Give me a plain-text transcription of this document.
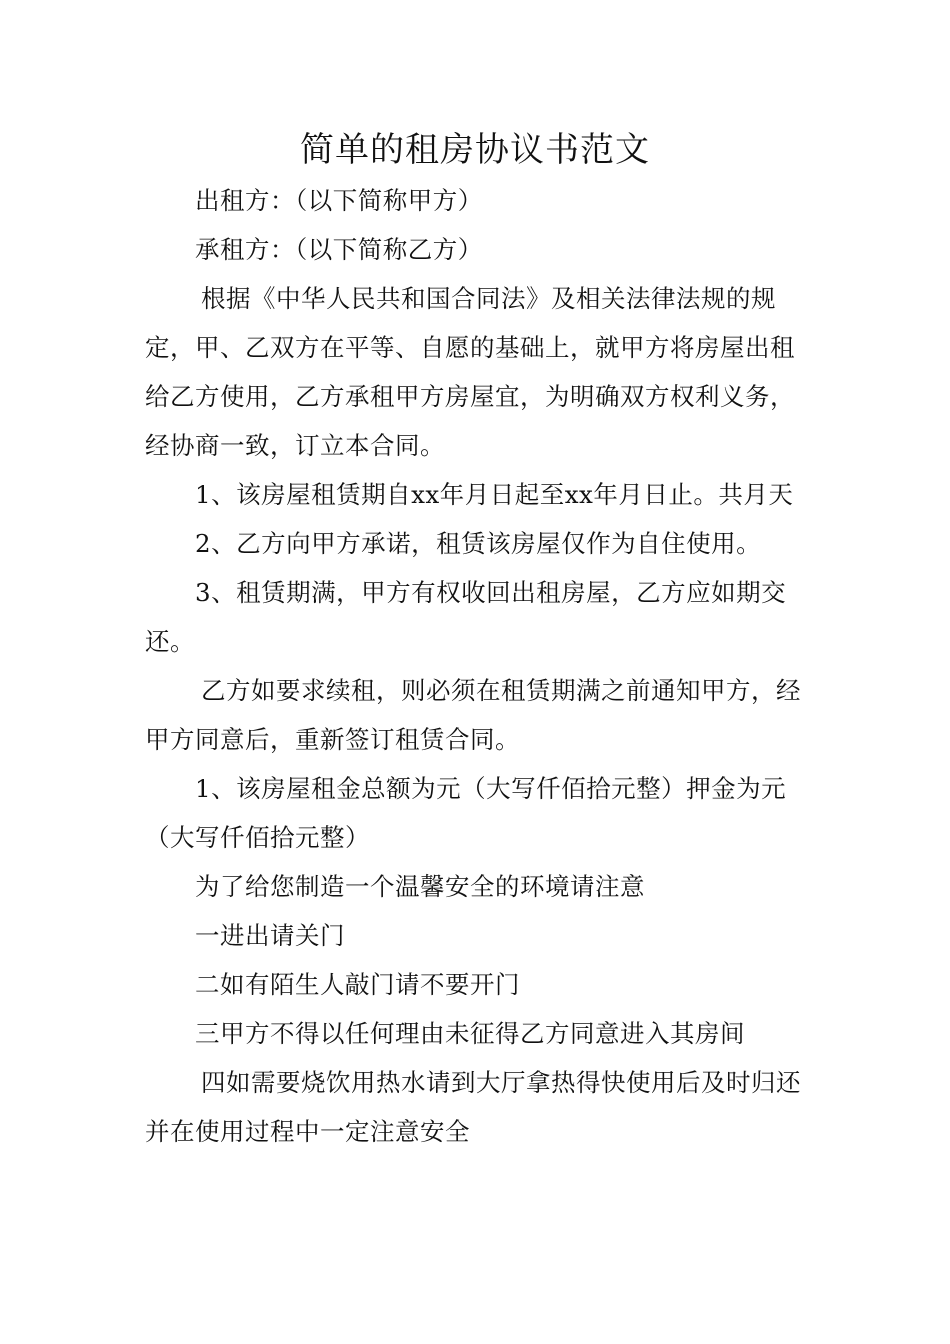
简单的租房协议书范文

出租方：（以下简称甲方）

承租方：（以下简称乙方）

根据《中华人民共和国合同法》及相关法律法规的规定，甲、乙双方在平等、自愿的基础上，就甲方将房屋出租给乙方使用，乙方承租甲方房屋宜，为明确双方权利义务，经协商一致，订立本合同。

1、该房屋租赁期自xx年月日起至xx年月日止。共月天

2、乙方向甲方承诺，租赁该房屋仅作为自住使用。

3、租赁期满，甲方有权收回出租房屋，乙方应如期交还。

乙方如要求续租，则必须在租赁期满之前通知甲方，经甲方同意后，重新签订租赁合同。

1、该房屋租金总额为元（大写仟佰拾元整）押金为元（大写仟佰拾元整）

为了给您制造一个温馨安全的环境请注意

一进出请关门

二如有陌生人敲门请不要开门

三甲方不得以任何理由未征得乙方同意进入其房间

四如需要烧饮用热水请到大厅拿热得快使用后及时归还并在使用过程中一定注意安全
